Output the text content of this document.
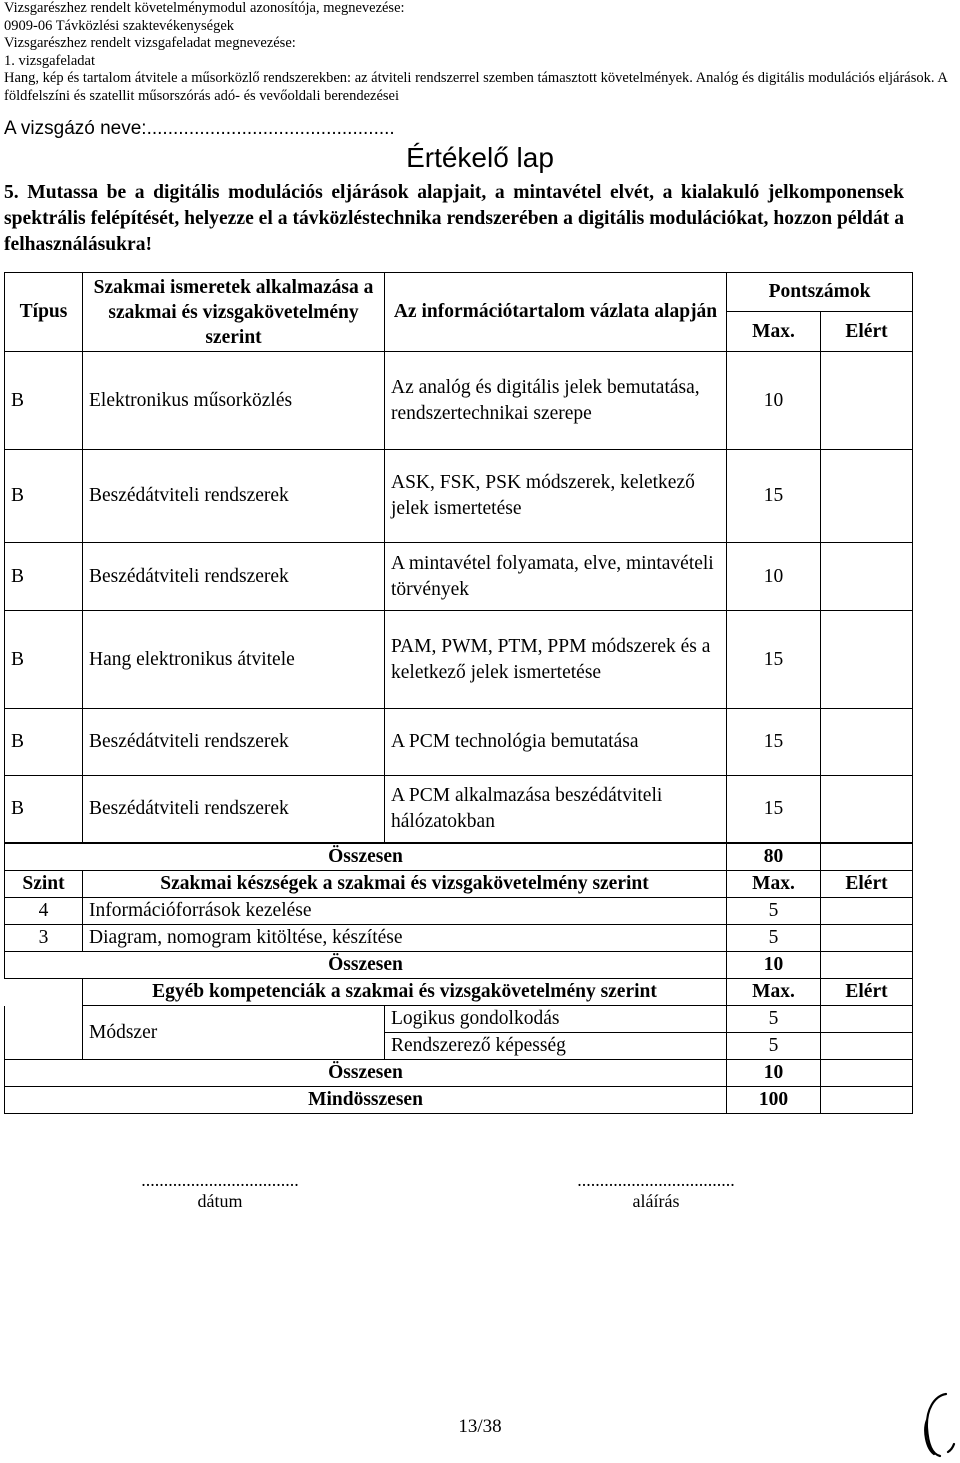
Vizsgarészhez rendelt követelménymodul azonosítója, megnevezése:
0909-06 Távközlési szaktevékenységek
Vizsgarészhez rendelt vizsgafeladat megnevezése:
1. vizsgafeladat
Hang, kép és tartalom átvitele a műsorközlő rendszerekben: az átviteli rendszerrel szemben támasztott követelmények. Analóg és digitális modulációs eljárások. A földfelszíni és szatellit műsorszórás adó- és vevőoldali berendezései
A vizsgázó neve:...............................................
Értékelő lap
5. Mutassa be a digitális modulációs eljárások alapjait, a mintavétel elvét, a kialakuló jelkomponensek spektrális felépítését, helyezze el a távközléstechnika rendszerében a digitális modulációkat, hozzon példát a felhasználásukra!
Típus	Szakmai ismeretek alkalmazása a szakmai és vizsgakövetelmény szerint	Az információtartalom vázlata alapján	Pontszámok	
			Max.	Elért
B	Elektronikus műsorközlés	Az analóg és digitális jelek bemutatása, rendszertechnikai szerepe	10	
B	Beszédátviteli rendszerek	ASK, FSK, PSK módszerek, keletkező jelek ismertetése	15	
B	Beszédátviteli rendszerek	A mintavétel folyamata, elve, mintavételi törvények	10	
B	Hang elektronikus átvitele	PAM, PWM, PTM, PPM módszerek és a keletkező jelek ismertetése	15	
B	Beszédátviteli rendszerek	A PCM technológia bemutatása	15	
B	Beszédátviteli rendszerek	A PCM alkalmazása beszédátviteli hálózatokban	15	
Összesen			80	
Szint	Szakmai készségek a szakmai és vizsgakövetelmény szerint		Max.	Elért
4	Információforrások kezelése		5	
3	Diagram, nomogram kitöltése, készítése		5	
Összesen			10	
	Egyéb kompetenciák a szakmai és vizsgakövetelmény szerint		Max.	Elért
	Módszer	Logikus gondolkodás	5	
		Rendszerező képesség	5	
Összesen			10	
Mindösszesen			100	
...................................
dátum
...................................
aláírás
13/38
